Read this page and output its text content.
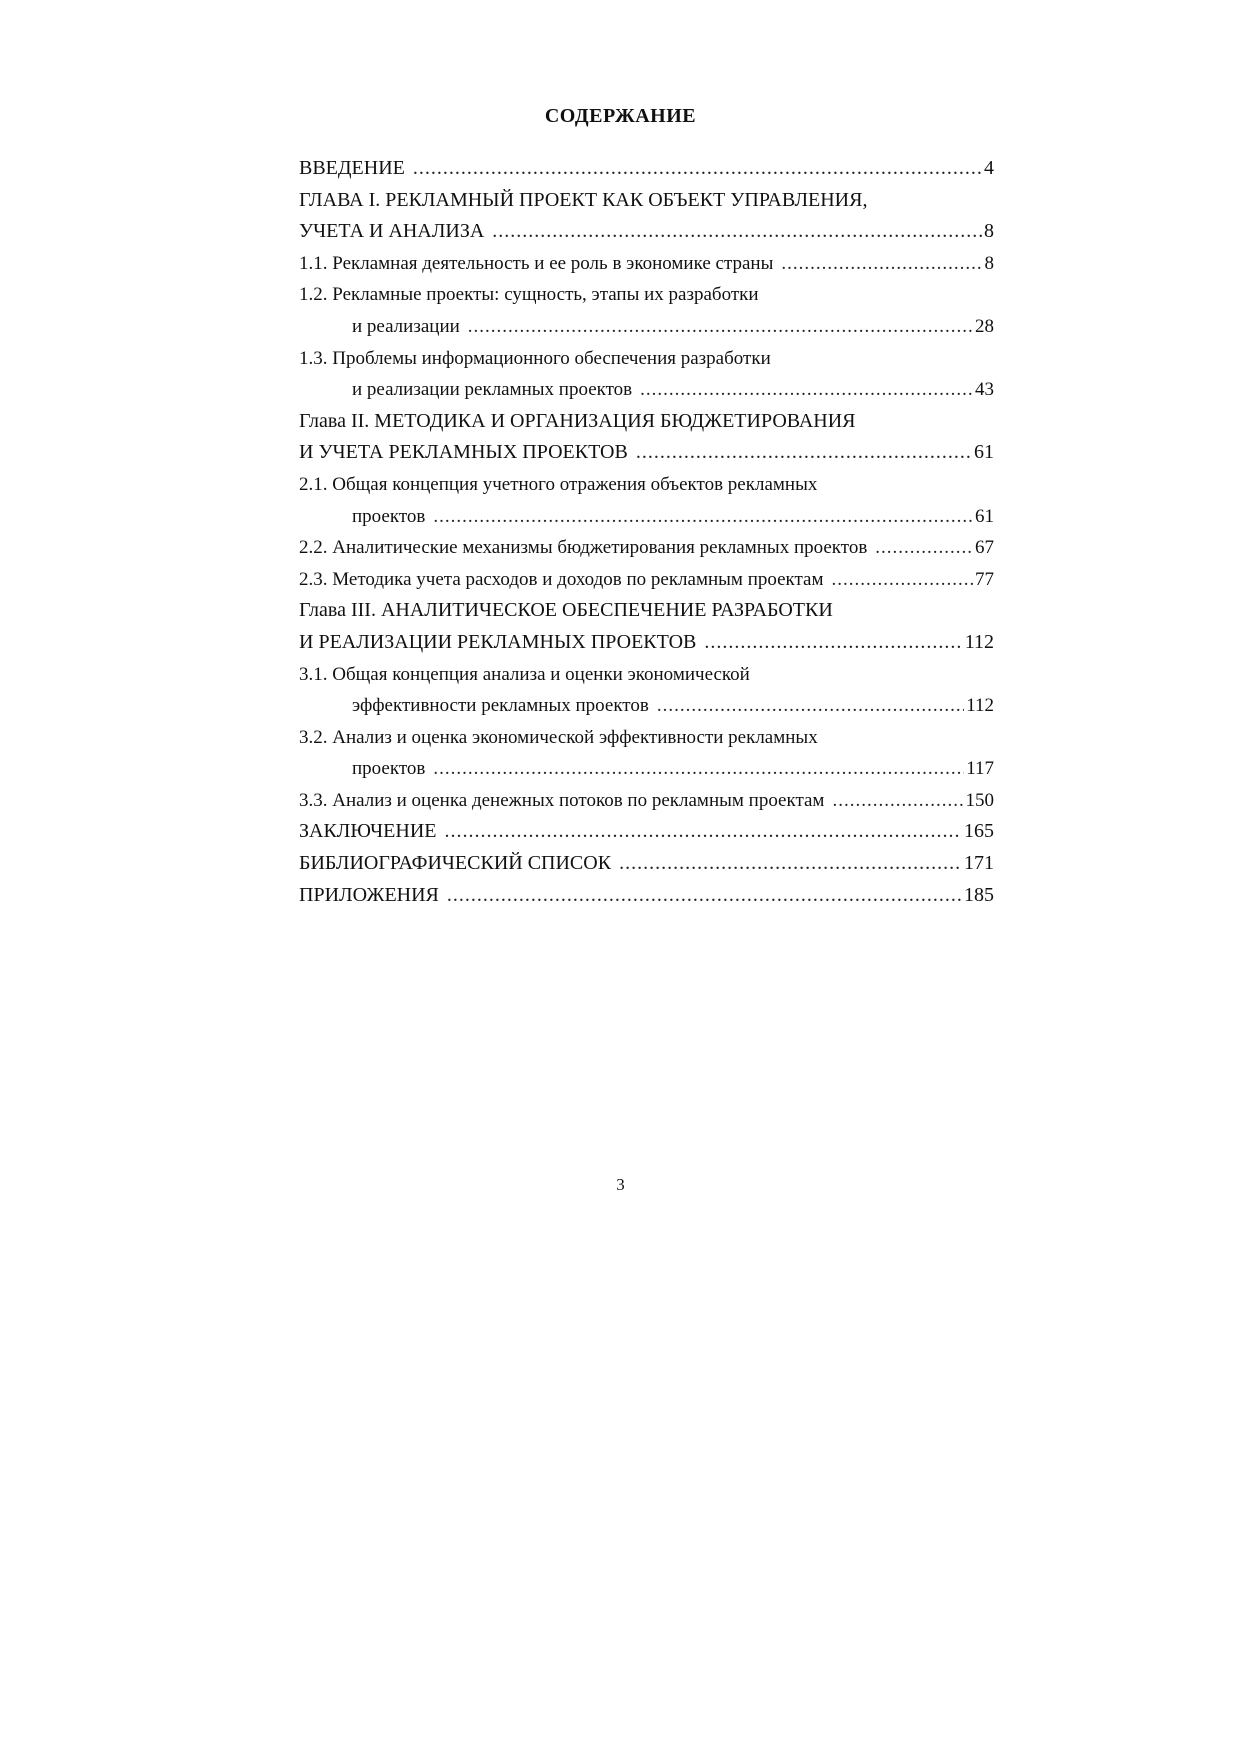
СОДЕРЖАНИЕ
ВВЕДЕНИЕ .....	4
ГЛАВА I. РЕКЛАМНЫЙ ПРОЕКТ КАК ОБЪЕКТ УПРАВЛЕНИЯ,
УЧЕТА И АНАЛИЗА .....	8
1.1. Рекламная деятельность и ее роль в экономике страны .....	8
1.2. Рекламные проекты: сущность, этапы их разработки
и реализации .....	28
1.3. Проблемы информационного обеспечения разработки
и реализации рекламных проектов .....	43
Глава II. МЕТОДИКА И ОРГАНИЗАЦИЯ БЮДЖЕТИРОВАНИЯ
И УЧЕТА РЕКЛАМНЫХ ПРОЕКТОВ .....	61
2.1. Общая концепция учетного отражения объектов рекламных
проектов .....	61
2.2. Аналитические механизмы бюджетирования рекламных проектов .....	67
2.3. Методика учета расходов и доходов по рекламным проектам .....	77
Глава III. АНАЛИТИЧЕСКОЕ ОБЕСПЕЧЕНИЕ РАЗРАБОТКИ
И РЕАЛИЗАЦИИ РЕКЛАМНЫХ ПРОЕКТОВ .....	112
3.1. Общая концепция анализа и оценки экономической
эффективности рекламных проектов .....	112
3.2. Анализ и оценка экономической эффективности рекламных
проектов .....	117
3.3. Анализ и оценка денежных потоков по рекламным проектам .....	150
ЗАКЛЮЧЕНИЕ .....	165
БИБЛИОГРАФИЧЕСКИЙ СПИСОК .....	171
ПРИЛОЖЕНИЯ .....	185
3
